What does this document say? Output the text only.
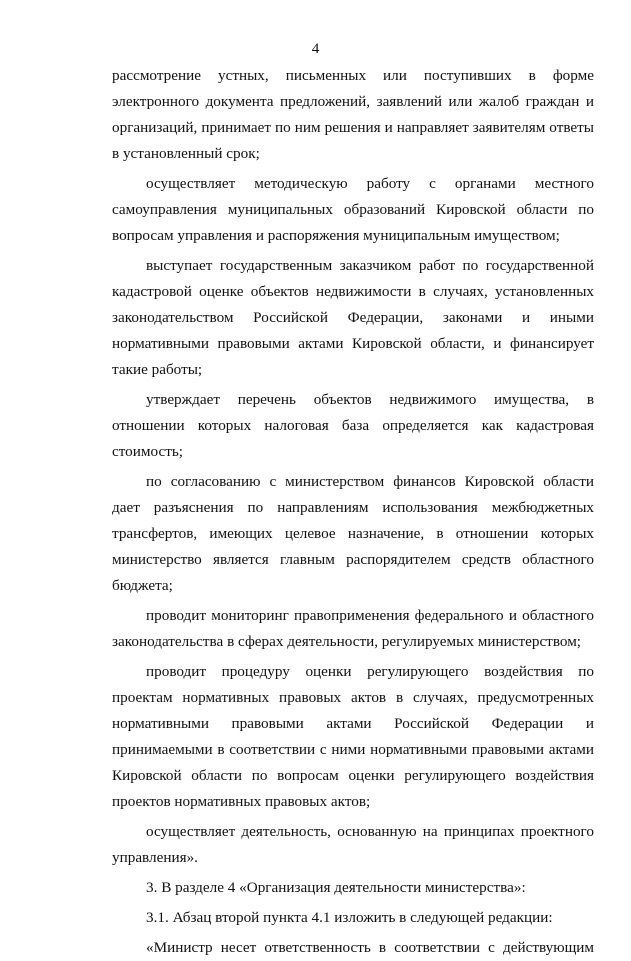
4

рассмотрение устных, письменных или поступивших в форме электронного документа предложений, заявлений или жалоб граждан и организаций, принимает по ним решения и направляет заявителям ответы в установленный срок;

осуществляет методическую работу с органами местного самоуправления муниципальных образований Кировской области по вопросам управления и распоряжения муниципальным имуществом;

выступает государственным заказчиком работ по государственной кадастровой оценке объектов недвижимости в случаях, установленных законодательством Российской Федерации, законами и иными нормативными правовыми актами Кировской области, и финансирует такие работы;

утверждает перечень объектов недвижимого имущества, в отношении которых налоговая база определяется как кадастровая стоимость;

по согласованию с министерством финансов Кировской области дает разъяснения по направлениям использования межбюджетных трансфертов, имеющих целевое назначение, в отношении которых министерство является главным распорядителем средств областного бюджета;

проводит мониторинг правоприменения федерального и областного законодательства в сферах деятельности, регулируемых министерством;

проводит процедуру оценки регулирующего воздействия по проектам нормативных правовых актов в случаях, предусмотренных нормативными правовыми актами Российской Федерации и принимаемыми в соответствии с ними нормативными правовыми актами Кировской области по вопросам оценки регулирующего воздействия проектов нормативных правовых актов;

осуществляет деятельность, основанную на принципах проектного управления».

3. В разделе 4 «Организация деятельности министерства»:

3.1. Абзац второй пункта 4.1 изложить в следующей редакции:

«Министр несет ответственность в соответствии с действующим
